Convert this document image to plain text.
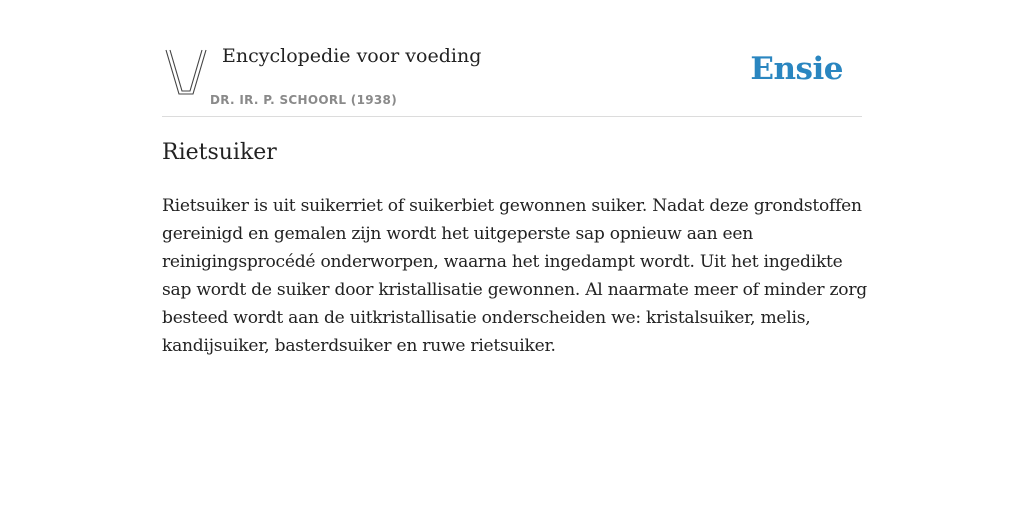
Encyclopedie voor voeding
DR. IR. P. SCHOORL (1938)
Ensie
Rietsuiker

Rietsuiker is uit suikerriet of suikerbiet gewonnen suiker. Nadat deze grondstoffen
gereinigd en gemalen zijn wordt het uitgeperste sap opnieuw aan een
reinigingsprocédé onderworpen, waarna het ingedampt wordt. Uit het ingedikte
sap wordt de suiker door kristallisatie gewonnen. Al naarmate meer of minder zorg
besteed wordt aan de uitkristallisatie onderscheiden we: kristalsuiker, melis,
kandijsuiker, basterdsuiker en ruwe rietsuiker.
